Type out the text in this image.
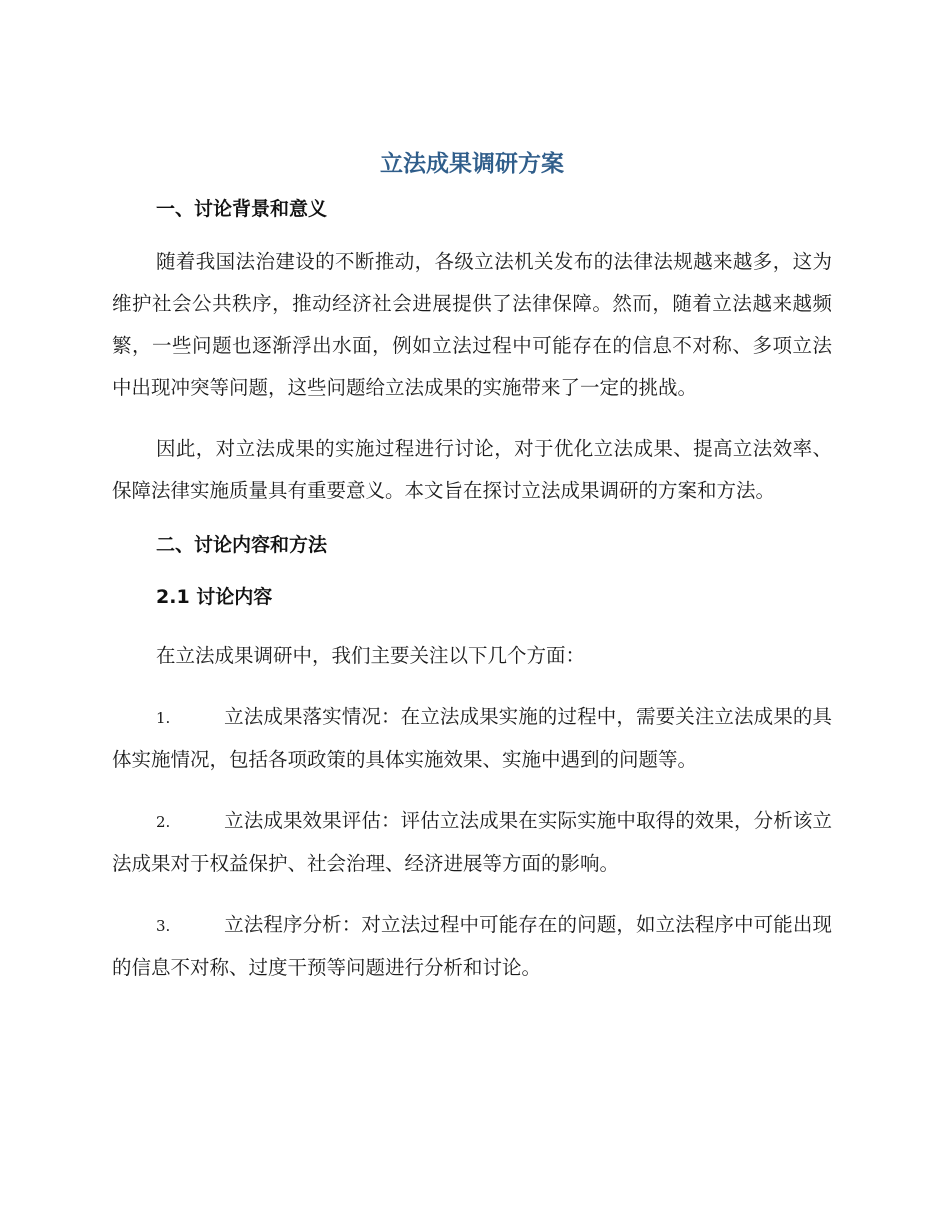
立法成果调研方案
一、讨论背景和意义

随着我国法治建设的不断推动，各级立法机关发布的法律法规越来越多，这为维护社会公共秩序，推动经济社会进展提供了法律保障。然而，随着立法越来越频繁，一些问题也逐渐浮出水面，例如立法过程中可能存在的信息不对称、多项立法中出现冲突等问题，这些问题给立法成果的实施带来了一定的挑战。

因此，对立法成果的实施过程进行讨论，对于优化立法成果、提高立法效率、保障法律实施质量具有重要意义。本文旨在探讨立法成果调研的方案和方法。

二、讨论内容和方法
2.1 讨论内容

在立法成果调研中，我们主要关注以下几个方面：

1.	立法成果落实情况：在立法成果实施的过程中，需要关注立法成果的具体实施情况，包括各项政策的具体实施效果、实施中遇到的问题等。
2.	立法成果效果评估：评估立法成果在实际实施中取得的效果，分析该立法成果对于权益保护、社会治理、经济进展等方面的影响。
3.	立法程序分析：对立法过程中可能存在的问题，如立法程序中可能出现的信息不对称、过度干预等问题进行分析和讨论。
